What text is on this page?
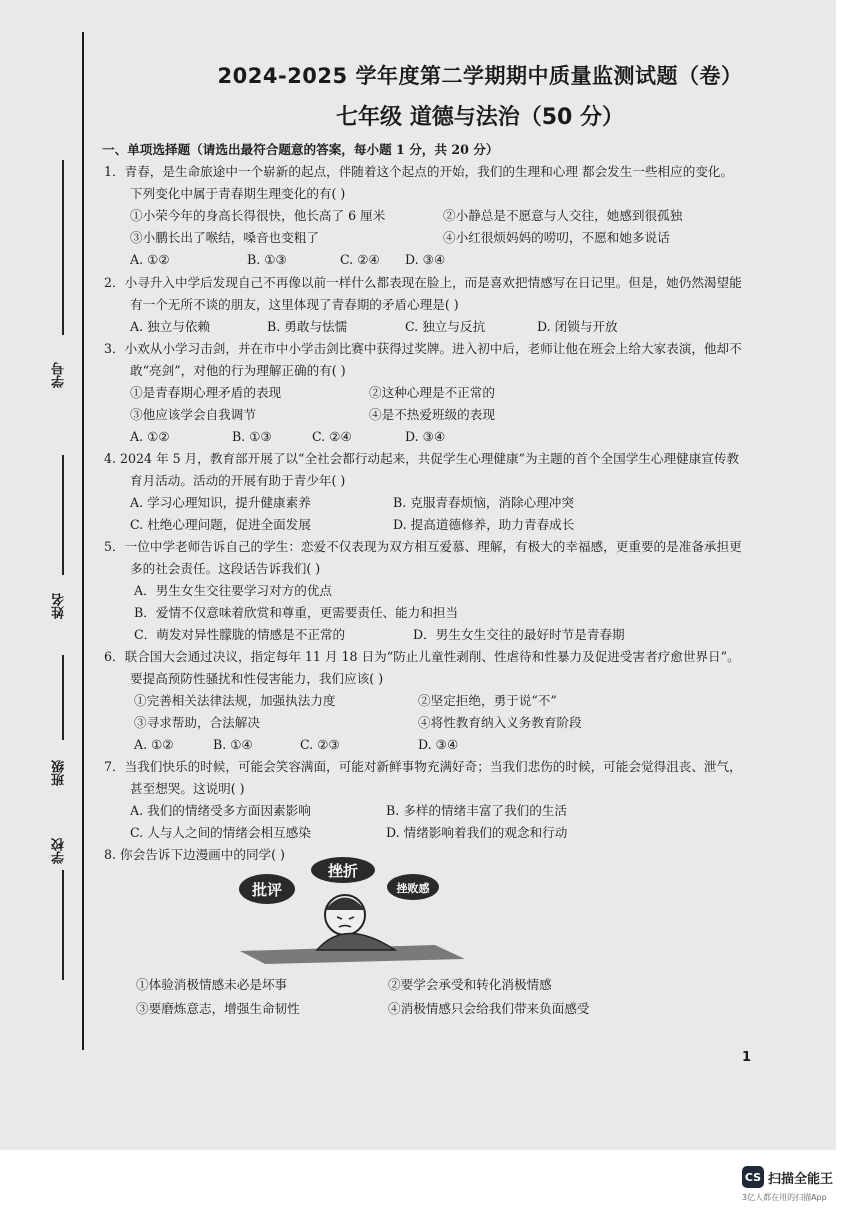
学号
姓名
班级
学校
2024-2025 学年度第二学期期中质量监测试题（卷）
七年级 道德与法治（50 分）
一、单项选择题（请选出最符合题意的答案，每小题 1 分，共 20 分）
1．青春，是生命旅途中一个崭新的起点，伴随着这个起点的开始，我们的生理和心理 都会发生一些相应的变化。
下列变化中属于青春期生理变化的有( )
①小荣今年的身高长得很快，他长高了 6 厘米	②小静总是不愿意与人交往，她感到很孤独
③小鹏长出了喉结，嗓音也变粗了	④小红很烦妈妈的唠叨，不愿和她多说话
A. ①②	B. ①③	C. ②④ D. ③④
2．小寻升入中学后发现自己不再像以前一样什么都表现在脸上，而是喜欢把情感写在日记里。但是，她仍然渴望能
有一个无所不谈的朋友，这里体现了青春期的矛盾心理是( )
A. 独立与依赖	B. 勇敢与怯懦	C. 独立与反抗	D. 闭锁与开放
3．小欢从小学习击剑，并在市中小学击剑比赛中获得过奖牌。进入初中后，老师让他在班会上给大家表演，他却不
敢“亮剑”，对他的行为理解正确的有( )
①是青春期心理矛盾的表现	②这种心理是不正常的
③他应该学会自我调节	④是不热爱班级的表现
A. ①②	B. ①③	C. ②④	D. ③④
4. 2024 年 5 月，教育部开展了以“全社会都行动起来，共促学生心理健康”为主题的首个全国学生心理健康宣传教
育月活动。活动的开展有助于青少年( )
A. 学习心理知识，提升健康素养	B. 克服青春烦恼，消除心理冲突
C. 杜绝心理问题，促进全面发展	D. 提高道德修养，助力青春成长
5．一位中学老师告诉自己的学生：恋爱不仅表现为双方相互爱慕、理解，有极大的幸福感，更重要的是准备承担更
多的社会责任。这段话告诉我们( )
A．男生女生交往要学习对方的优点
B．爱情不仅意味着欣赏和尊重，更需要责任、能力和担当
C．萌发对异性朦胧的情感是不正常的	D．男生女生交往的最好时节是青春期
6．联合国大会通过决议，指定每年 11 月 18 日为“防止儿童性剥削、性虐待和性暴力及促进受害者疗愈世界日”。
要提高预防性骚扰和性侵害能力，我们应该( )
①完善相关法律法规，加强执法力度	②坚定拒绝，勇于说“不”
③寻求帮助，合法解决	④将性教育纳入义务教育阶段
A. ①②	B. ①④	C. ②③	D. ③④
7．当我们快乐的时候，可能会笑容满面，可能对新鲜事物充满好奇；当我们悲伤的时候，可能会觉得沮丧、泄气，
甚至想哭。这说明( )
A. 我们的情绪受多方面因素影响	B. 多样的情绪丰富了我们的生活
C. 人与人之间的情绪会相互感染	D. 情绪影响着我们的观念和行动
8. 你会告诉下边漫画中的同学( )
批评
挫折
挫败感
①体验消极情感未必是坏事	②要学会承受和转化消极情感
③要磨炼意志，增强生命韧性	④消极情感只会给我们带来负面感受
1
CS 扫描全能王
3亿人都在用的扫描App
